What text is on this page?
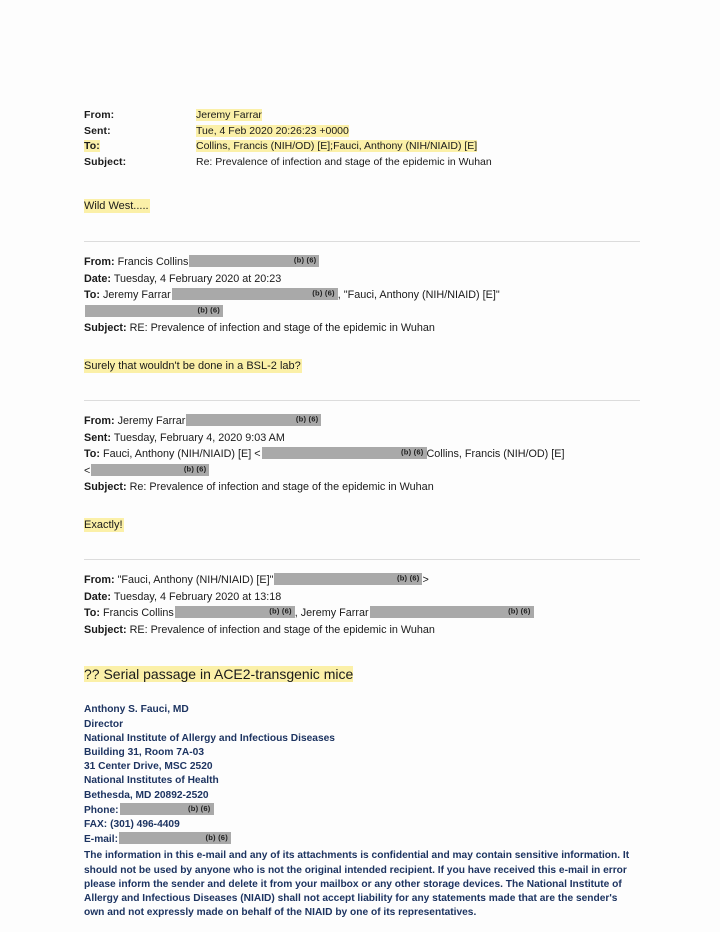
From:	Jeremy Farrar
Sent:	Tue, 4 Feb 2020 20:26:23 +0000
To:	Collins, Francis (NIH/OD) [E];Fauci, Anthony (NIH/NIAID) [E]
Subject:	Re: Prevalence of infection and stage of the epidemic in Wuhan

Wild West.....

From: Francis Collins	(b) (6)
Date: Tuesday, 4 February 2020 at 20:23
To: Jeremy Farrar	(b) (6) , "Fauci, Anthony (NIH/NIAID) [E]"
(b) (6)
Subject: RE: Prevalence of infection and stage of the epidemic in Wuhan

Surely that wouldn't be done in a BSL-2 lab?

From: Jeremy Farrar	(b) (6)
Sent: Tuesday, February 4, 2020 9:03 AM
To: Fauci, Anthony (NIH/NIAID) [E] <	(b) (6) Collins, Francis (NIH/OD) [E]
<	(b) (6)
Subject: Re: Prevalence of infection and stage of the epidemic in Wuhan

Exactly!

From: "Fauci, Anthony (NIH/NIAID) [E]"	(b) (6) >
Date: Tuesday, 4 February 2020 at 13:18
To: Francis Collins	(b) (6) , Jeremy Farrar	(b) (6)
Subject: RE: Prevalence of infection and stage of the epidemic in Wuhan

?? Serial passage in ACE2-transgenic mice

Anthony S. Fauci, MD
Director
National Institute of Allergy and Infectious Diseases
Building 31, Room 7A-03
31 Center Drive, MSC 2520
National Institutes of Health
Bethesda, MD 20892-2520
Phone:	(b) (6)
FAX: (301) 496-4409
E-mail:	(b) (6)

The information in this e-mail and any of its attachments is confidential and may contain sensitive information. It should not be used by anyone who is not the original intended recipient. If you have received this e-mail in error please inform the sender and delete it from your mailbox or any other storage devices. The National Institute of Allergy and Infectious Diseases (NIAID) shall not accept liability for any statements made that are the sender's own and not expressly made on behalf of the NIAID by one of its representatives.
